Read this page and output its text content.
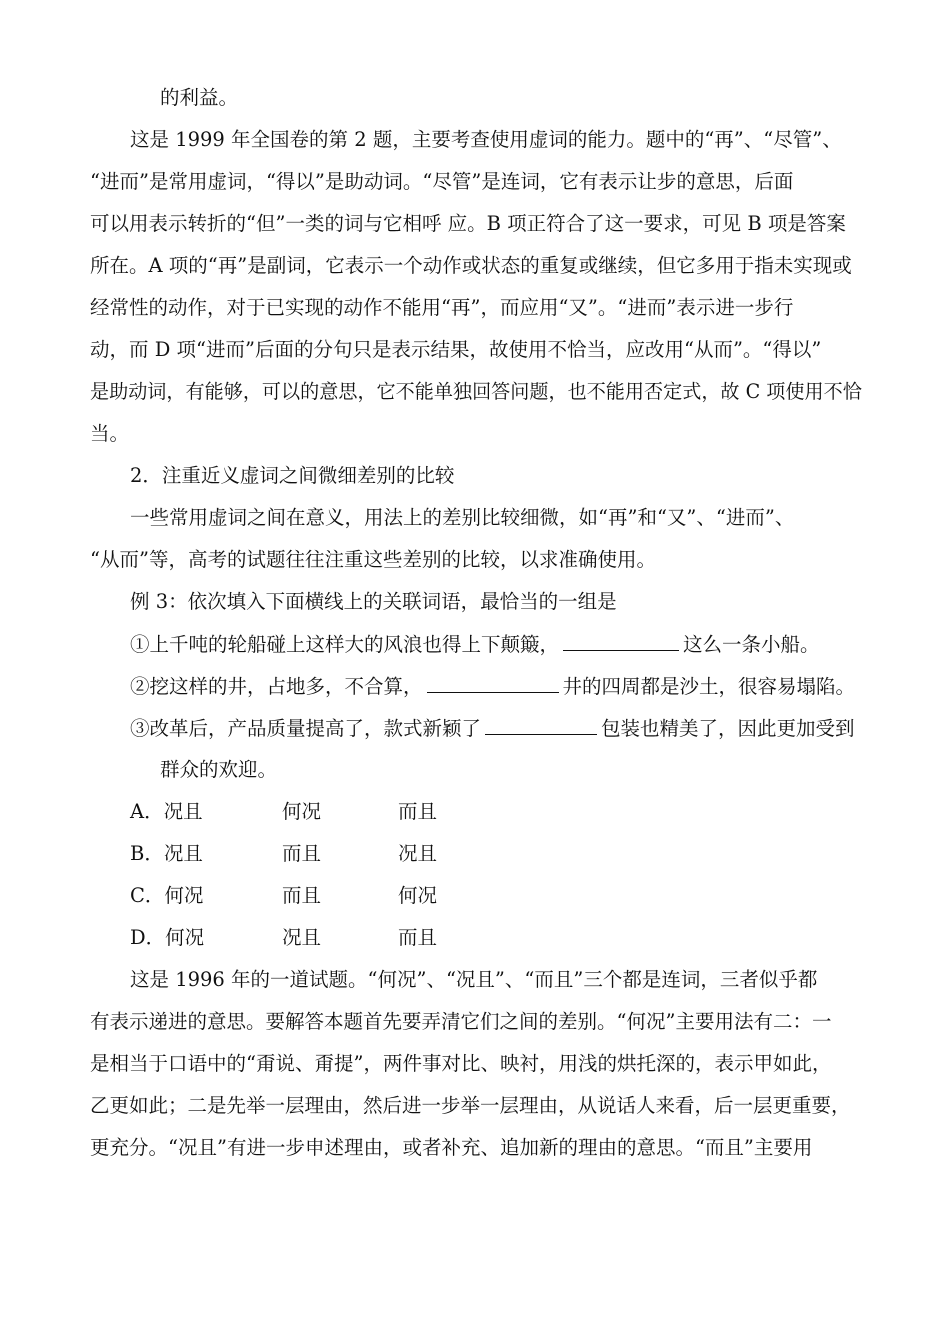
的利益。
这是 1999 年全国卷的第 2 题，主要考查使用虚词的能力。题中的“再”、“尽管”、
“进而”是常用虚词，“得以”是助动词。“尽管”是连词，它有表示让步的意思，后面
可以用表示转折的“但”一类的词与它相呼 应。B 项正符合了这一要求，可见 B 项是答案
所在。A 项的“再”是副词，它表示一个动作或状态的重复或继续，但它多用于指未实现或
经常性的动作，对于已实现的动作不能用“再”，而应用“又”。“进而”表示进一步行
动，而 D 项“进而”后面的分句只是表示结果，故使用不恰当，应改用“从而”。“得以”
是助动词，有能够，可以的意思，它不能单独回答问题，也不能用否定式，故 C 项使用不恰
当。
2．注重近义虚词之间微细差别的比较
一些常用虚词之间在意义，用法上的差别比较细微，如“再”和“又”、“进而”、
“从而”等，高考的试题往往注重这些差别的比较，以求准确使用。
例 3：依次填入下面横线上的关联词语，最恰当的一组是
①上千吨的轮船碰上这样大的风浪也得上下颠簸，	这么一条小船。
②挖这样的井，占地多，不合算，	井的四周都是沙土，很容易塌陷。
③改革后，产品质量提高了，款式新颖了	包装也精美了，因此更加受到
群众的欢迎。
A．况且	何况	而且
B．况且	而且	况且
C．何况	而且	何况
D．何况	况且	而且
这是 1996 年的一道试题。“何况”、“况且”、“而且”三个都是连词，三者似乎都
有表示递进的意思。要解答本题首先要弄清它们之间的差别。“何况”主要用法有二：一
是相当于口语中的“甭说、甭提”，两件事对比、映衬，用浅的烘托深的，表示甲如此，
乙更如此；二是先举一层理由，然后进一步举一层理由，从说话人来看，后一层更重要，
更充分。“况且”有进一步申述理由，或者补充、追加新的理由的意思。“而且”主要用
